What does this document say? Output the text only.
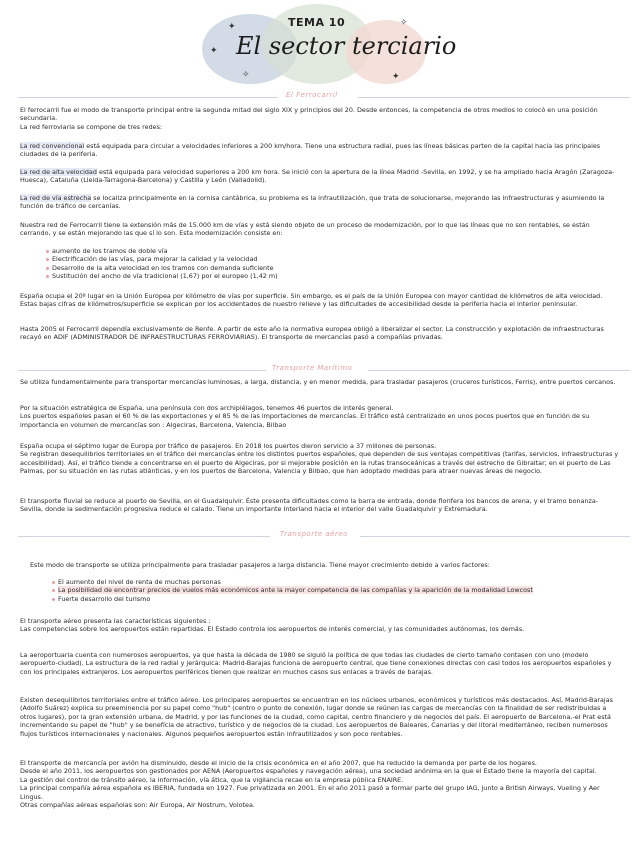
✦	✧
✧	✦
✦
TEMA 10
El sector terciario
El Ferrocarril

El ferrocarril fue el modo de transporte principal entre la segunda mitad del siglo XIX y principios del 20. Desde entonces, la competencia de otros medios lo colocó en una posición secundaria.
La red ferroviaria se compone de tres redes:

La red convencional está equipada para circular a velocidades inferiores a 200 km/hora. Tiene una estructura radial, pues las líneas básicas parten de la capital hacia las principales ciudades de la periferia.

La red de alta velocidad está equipada para velocidad superiores a 200 km hora. Se inició con la apertura de la línea Madrid -Sevilla, en 1992, y se ha ampliado hacia Aragón (Zaragoza-Huesca), Cataluña (Lleida-Tarragona-Barcelona) y Castilla y León (Valladolid).

La red de vía estrecha se localiza principalmente en la cornisa cantábrica, su problema es la infrautilización, que trata de solucionarse, mejorando las infraestructuras y asumiendo la función de tráfico de cercanías.

Nuestra red de Ferrocarril tiene la extensión más de 15.000 km de vías y está siendo objeto de un proceso de modernización, por lo que las líneas que no son rentables, se están cerrando, y se están mejorando las que sí lo son. Esta modernización consiste en:

aumento de los tramos de doble vía
Electrificación de las vías, para mejorar la calidad y la velocidad
Desarrollo de la alta velocidad en los tramos con demanda suficiente
Sustitución del ancho de vía tradicional (1,67) por el europeo (1,42 m)

España ocupa el 20º lugar en la Unión Europea por kilómetro de vías por superficie. Sin embargo, es el país de la Unión Europea con mayor cantidad de kilómetros de alta velocidad. Estas bajas cifras de kilómetros/superficie se explican por los accidentados de nuestro relieve y las dificultades de accesibilidad desde la periferia hacia el interior peninsular.

Hasta 2005 el Ferrocarril dependía exclusivamente de Renfe. A partir de este año la normativa europea obligó a liberalizar el sector. La construcción y explotación de infraestructuras recayó en ADIF (ADMINISTRADOR DE INFRAESTRUCTURAS FERROVIARIAS). El transporte de mercancías pasó a compañías privadas.

Transporte Marítimo

Se utiliza fundamentalmente para transportar mercancías luminosas, a larga, distancia, y en menor medida, para trasladar pasajeros (cruceros turísticos, Ferris), entre puertos cercanos.

Por la situación estratégica de España, una península con dos archipiélagos, tenemos 46 puertos de interés general.
Los puertos españoles pasan el 60 % de las exportaciones y el 85 % de las importaciones de mercancías. El tráfico está centralizado en unos pocos puertos que en función de su importancia en volumen de mercancías son : Algeciras, Barcelona, Valencia, Bilbao

España ocupa el séptimo lugar de Europa por tráfico de pasajeros. En 2018 los puertos dieron servicio a 37 millones de personas.
Se registran desequilibrios territoriales en el tráfico del mercancías entre los distintos puertos españoles, que dependen de sus ventajas competitivas (tarifas, servicios, infraestructuras y accesibilidad). Así, el tráfico tiende a concentrarse en el puerto de Algeciras, por si mejorable posición en la rutas transoceánicas a través del estrecho de Gibraltar; en el puerto de Las Palmas, por su situación en las rutas atlánticas, y en los puertos de Barcelona, Valencia y Bilbao, que han adoptado medidas para atraer nuevas áreas de negocio.

El transporte fluvial se reduce al puerto de Sevilla, en el Guadalquivir. Éste presenta dificultades como la barra de entrada, donde florifera los bancos de arena, y el tramo bonanza-Sevilla, donde la sedimentación progresiva reduce el calado. Tiene un importante Interland hacia el interior del valle Guadalquivir y Extremadura.

Transporte aéreo

Este modo de transporte se utiliza principalmente para trasladar pasajeros a larga distancia. Tiene mayor crecimiento debido a varios factores:

El aumento del nivel de renta de muchas personas
La posibilidad de encontrar precios de vuelos más económicos ante la mayor competencia de las compañías y la aparición de la modalidad Lowcost
Fuerte desarrollo del turismo

El transporte aéreo presenta las características siguientes :
Las competencias sobre los aeropuertos están repartidas. El Estado controla los aeropuertos de interés comercial, y las comunidades autónomas, los demás.

La aeroportuaria cuenta con numerosos aeropuertos, ya que hasta la década de 1980 se siguió la política de que todas las ciudades de cierto tamaño contasen con uno (modelo aeropuerto-ciudad). La estructura de la red radial y jerárquica: Madrid-Barajas funciona de aeropuerto central, que tiene conexiones directas con casi todos los aeropuertos españoles y con los principales extranjeros. Los aeropuertos periféricos tienen que realizar en muchos casos sus enlaces a través de barajas.

Existen desequilibrios territoriales entre el tráfico aéreo. Los principales aeropuertos se encuentran en los núcleos urbanos, económicos y turísticos más destacados. Así, Madrid-Barajas (Adolfo Suárez) explica su preeminencia por su papel como "hub" (centro o punto de conexión, lugar donde se reúnen las cargas de mercancías con la finalidad de ser redistribuidas a otros lugares), por la gran extensión urbana, de Madrid, y por las funciones de la ciudad, como capital, centro financiero y de negocios del país. El aeropuerto de Barcelona.-el Prat está incrementando su papel de "hub" y se benefícia de atractivo, turístico y de negocios de la ciudad. Los aeropuertos de Baleares, Canarias y del litoral mediterráneo, reciben numerosos flujos turísticos internacionales y nacionales. Algunos pequeños aeropuertos están infrautilizados y son poco rentables.

El transporte de mercancía por avión ha disminuido, desde el inicio de la crisis económica en el año 2007, que ha reducido la demanda por parte de los hogares.
Desde el año 2011, los aeropuertos son gestionados por AENA (Aeropuertos españoles y navegación aérea), una sociedad anónima en la que el Estado tiene la mayoría del capital.
La gestión del control de tránsito aéreo, la información, vía ática, que la vigilancia recae en la empresa pública ENAIRE.
La principal compañía aérea española es IBERIA, fundada en 1927. Fue privatizada en 2001. En el año 2011 pasó a formar parte del grupo IAG, junto a British Airways, Vueling y Aer Lingus.
Otras compañías aéreas españolas son: Air Europa, Air Nostrum, Volotea.
